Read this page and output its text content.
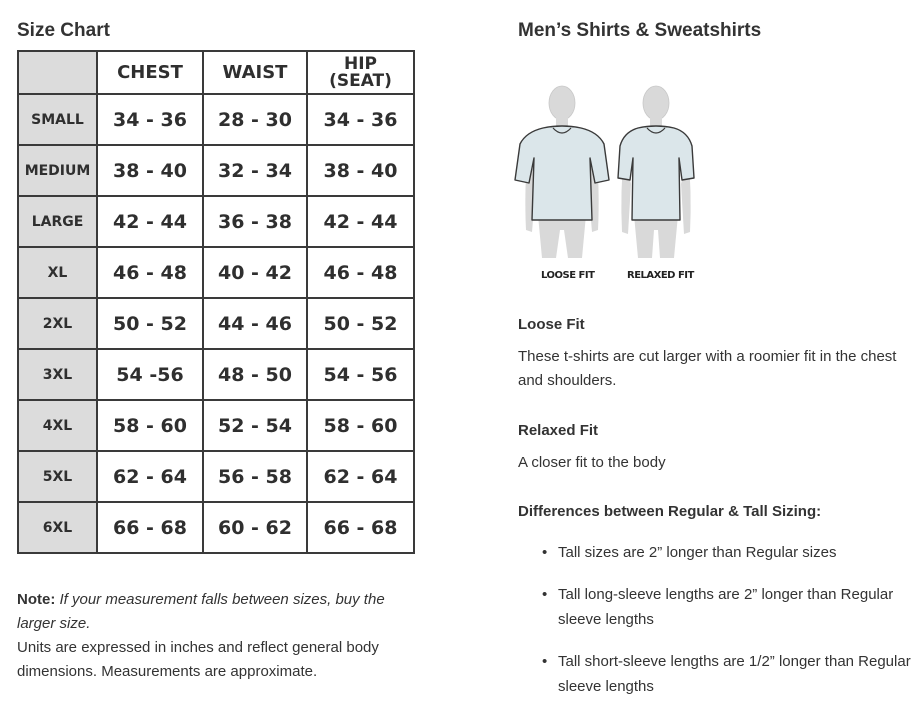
Size Chart
	CHEST	WAIST	HIP
(SEAT)
SMALL	34 - 36	28 - 30	34 - 36
MEDIUM	38 - 40	32 - 34	38 - 40
LARGE	42 - 44	36 - 38	42 - 44
XL	46 - 48	40 - 42	46 - 48
2XL	50 - 52	44 - 46	50 - 52
3XL	54 -56	48 - 50	54 - 56
4XL	58 - 60	52 - 54	58 - 60
5XL	62 - 64	56 - 58	62 - 64
6XL	66 - 68	60 - 62	66 - 68
Note: If your measurement falls between sizes, buy the larger size.
Units are expressed in inches and reflect general body dimensions. Measurements are approximate.
Men’s Shirts & Sweatshirts
LOOSE FIT	RELAXED FIT
Loose Fit

These t-shirts are cut larger with a roomier fit in the chest and shoulders.

Relaxed Fit

A closer fit to the body

Differences between Regular & Tall Sizing:
• Tall sizes are 2” longer than Regular sizes
• Tall long-sleeve lengths are 2” longer than Regular sleeve lengths
• Tall short-sleeve lengths are 1/2” longer than Regular sleeve lengths
